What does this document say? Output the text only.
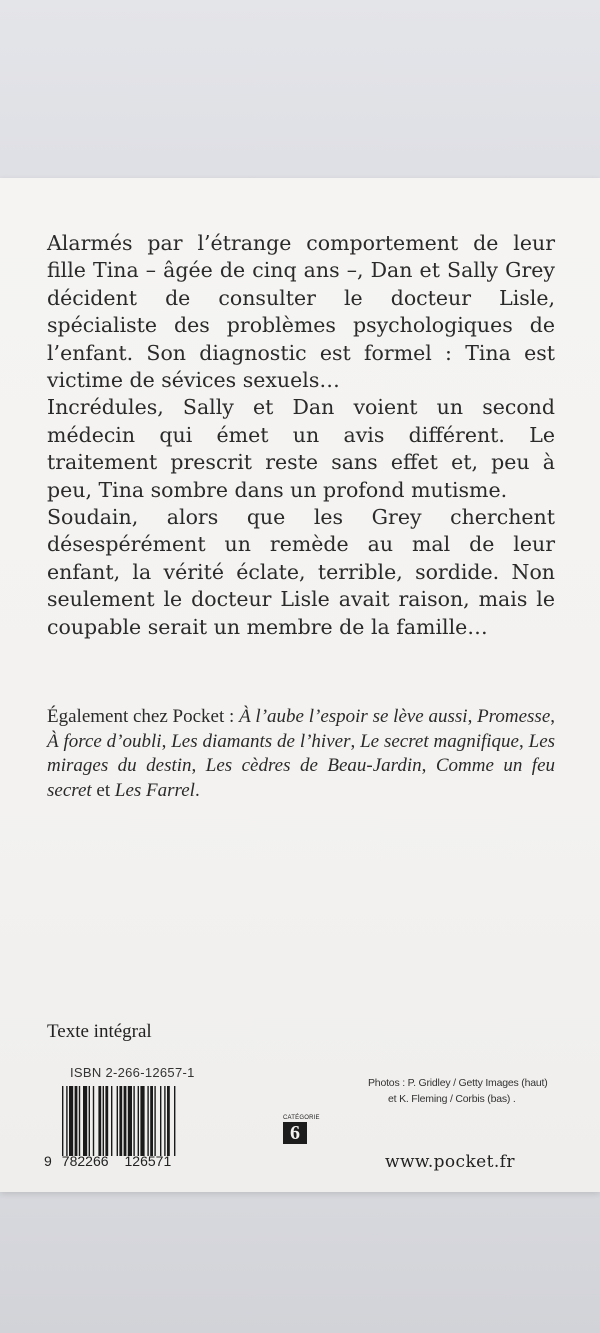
Alarmés par l’étrange comportement de leur fille Tina – âgée de cinq ans –, Dan et Sally Grey décident de consulter le docteur Lisle, spécialiste des problèmes psychologiques de l’enfant. Son diagnostic est formel : Tina est victime de sévices sexuels…

Incrédules, Sally et Dan voient un second médecin qui émet un avis différent. Le traitement prescrit reste sans effet et, peu à peu, Tina sombre dans un profond mutisme.

Soudain, alors que les Grey cherchent désespérément un remède au mal de leur enfant, la vérité éclate, terrible, sordide. Non seulement le docteur Lisle avait raison, mais le coupable serait un membre de la famille…

Également chez Pocket : À l’aube l’espoir se lève aussi, Promesse, À force d’oubli, Les diamants de l’hiver, Le secret magnifique, Les mirages du destin, Les cèdres de Beau-Jardin, Comme un feu secret et Les Farrel.

Texte intégral
ISBN 2-266-12657-1
9 782266 126571
CATÉGORIE
6
Photos : P. Gridley / Getty Images (haut)
et K. Fleming / Corbis (bas) .
www.pocket.fr
